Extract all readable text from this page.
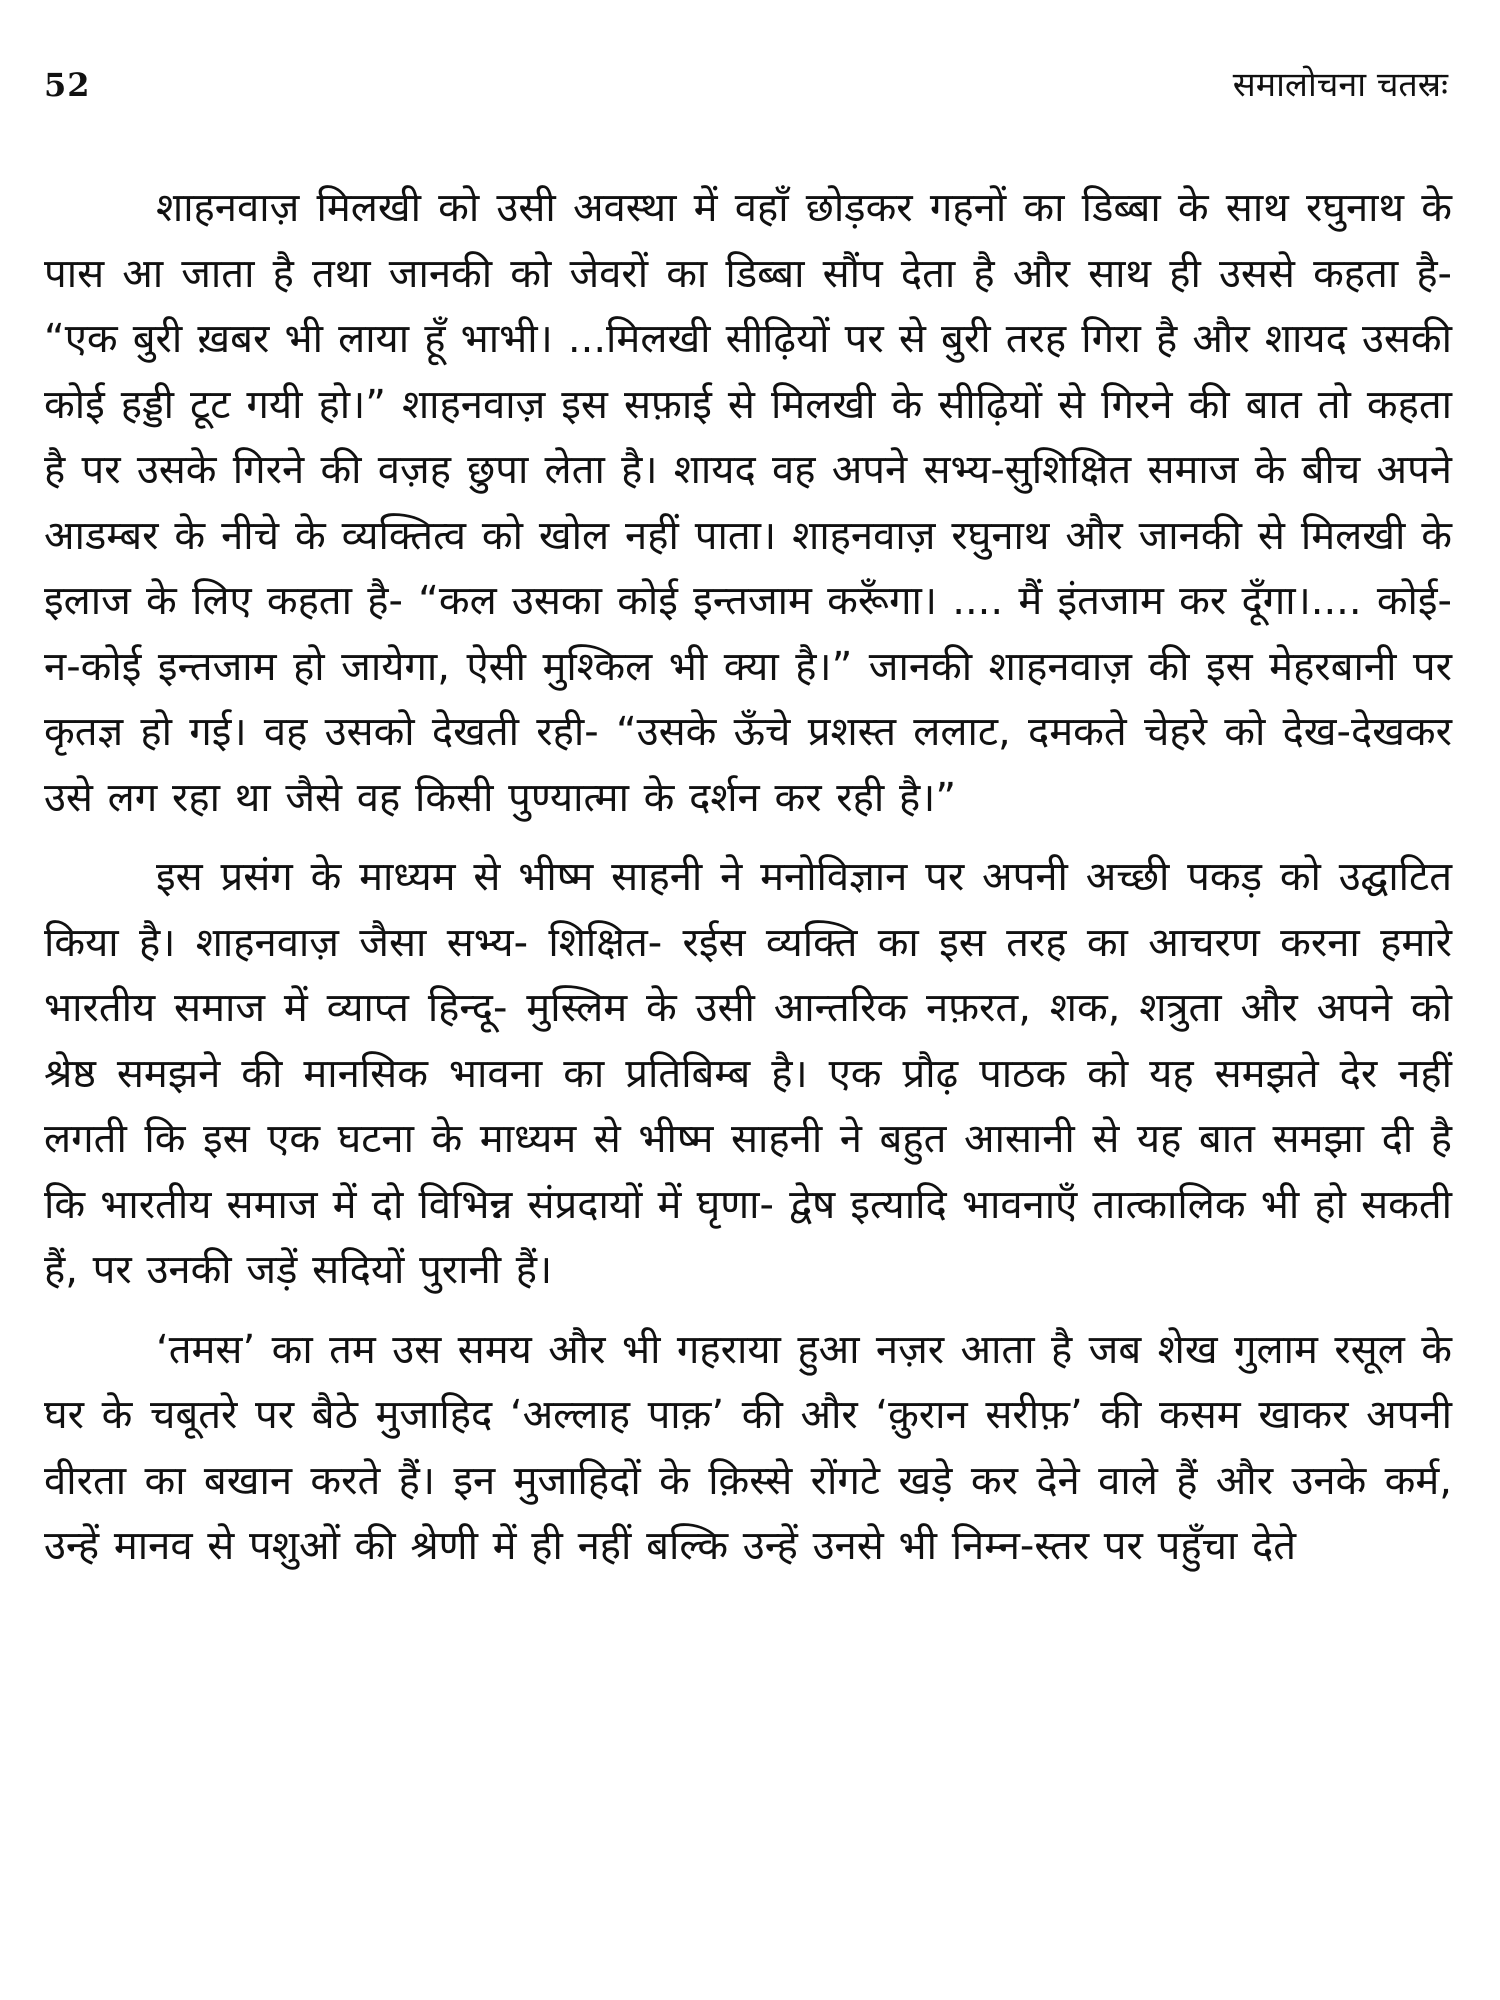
52	समालोचना चतस्रः

शाहनवाज़ मिलखी को उसी अवस्था में वहाँ छोड़कर गहनों का डिब्बा के साथ रघुनाथ के पास आ जाता है तथा जानकी को जेवरों का डिब्बा सौंप देता है और साथ ही उससे कहता है- “एक बुरी ख़बर भी लाया हूँ भाभी। ...मिलखी सीढ़ियों पर से बुरी तरह गिरा है और शायद उसकी कोई हड्डी टूट गयी हो।” शाहनवाज़ इस सफ़ाई से मिलखी के सीढ़ियों से गिरने की बात तो कहता है पर उसके गिरने की वज़ह छुपा लेता है। शायद वह अपने सभ्य-सुशिक्षित समाज के बीच अपने आडम्बर के नीचे के व्यक्तित्व को खोल नहीं पाता। शाहनवाज़ रघुनाथ और जानकी से मिलखी के इलाज के लिए कहता है- “कल उसका कोई इन्तजाम करूँगा। .... मैं इंतजाम कर दूँगा।.... कोई-न-कोई इन्तजाम हो जायेगा, ऐसी मुश्किल भी क्या है।” जानकी शाहनवाज़ की इस मेहरबानी पर कृतज्ञ हो गई। वह उसको देखती रही- “उसके ऊँचे प्रशस्त ललाट, दमकते चेहरे को देख-देखकर उसे लग रहा था जैसे वह किसी पुण्यात्मा के दर्शन कर रही है।”

इस प्रसंग के माध्यम से भीष्म साहनी ने मनोविज्ञान पर अपनी अच्छी पकड़ को उद्घाटित किया है। शाहनवाज़ जैसा सभ्य- शिक्षित- रईस व्यक्ति का इस तरह का आचरण करना हमारे भारतीय समाज में व्याप्त हिन्दू- मुस्लिम के उसी आन्तरिक नफ़रत, शक, शत्रुता और अपने को श्रेष्ठ समझने की मानसिक भावना का प्रतिबिम्ब है। एक प्रौढ़ पाठक को यह समझते देर नहीं लगती कि इस एक घटना के माध्यम से भीष्म साहनी ने बहुत आसानी से यह बात समझा दी है कि भारतीय समाज में दो विभिन्न संप्रदायों में घृणा- द्वेष इत्यादि भावनाएँ तात्कालिक भी हो सकती हैं, पर उनकी जड़ें सदियों पुरानी हैं।

‘तमस’ का तम उस समय और भी गहराया हुआ नज़र आता है जब शेख गुलाम रसूल के घर के चबूतरे पर बैठे मुजाहिद ‘अल्लाह पाक़’ की और ‘क़ुरान सरीफ़’ की कसम खाकर अपनी वीरता का बखान करते हैं। इन मुजाहिदों के क़िस्से रोंगटे खड़े कर देने वाले हैं और उनके कर्म, उन्हें मानव से पशुओं की श्रेणी में ही नहीं बल्कि उन्हें उनसे भी निम्न-स्तर पर पहुँचा देते
